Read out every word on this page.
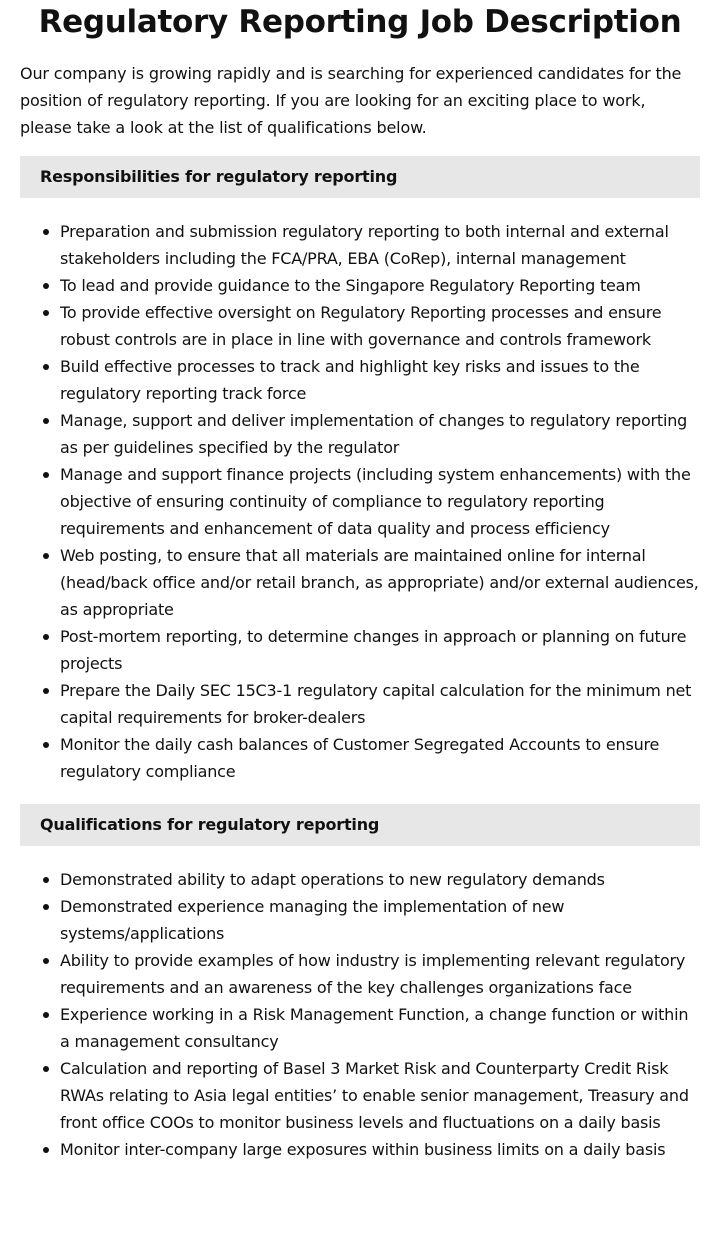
Regulatory Reporting Job Description

Our company is growing rapidly and is searching for experienced candidates for the position of regulatory reporting. If you are looking for an exciting place to work, please take a look at the list of qualifications below.

Responsibilities for regulatory reporting
Preparation and submission regulatory reporting to both internal and external stakeholders including the FCA/PRA, EBA (CoRep), internal management
To lead and provide guidance to the Singapore Regulatory Reporting team
To provide effective oversight on Regulatory Reporting processes and ensure robust controls are in place in line with governance and controls framework
Build effective processes to track and highlight key risks and issues to the regulatory reporting track force
Manage, support and deliver implementation of changes to regulatory reporting as per guidelines specified by the regulator
Manage and support finance projects (including system enhancements) with the objective of ensuring continuity of compliance to regulatory reporting requirements and enhancement of data quality and process efficiency
Web posting, to ensure that all materials are maintained online for internal (head/back office and/or retail branch, as appropriate) and/or external audiences, as appropriate
Post-mortem reporting, to determine changes in approach or planning on future projects
Prepare the Daily SEC 15C3-1 regulatory capital calculation for the minimum net capital requirements for broker-dealers
Monitor the daily cash balances of Customer Segregated Accounts to ensure regulatory compliance
Qualifications for regulatory reporting
Demonstrated ability to adapt operations to new regulatory demands
Demonstrated experience managing the implementation of new systems/applications
Ability to provide examples of how industry is implementing relevant regulatory requirements and an awareness of the key challenges organizations face
Experience working in a Risk Management Function, a change function or within a management consultancy
Calculation and reporting of Basel 3 Market Risk and Counterparty Credit Risk RWAs relating to Asia legal entities’ to enable senior management, Treasury and front office COOs to monitor business levels and fluctuations on a daily basis
Monitor inter-company large exposures within business limits on a daily basis
